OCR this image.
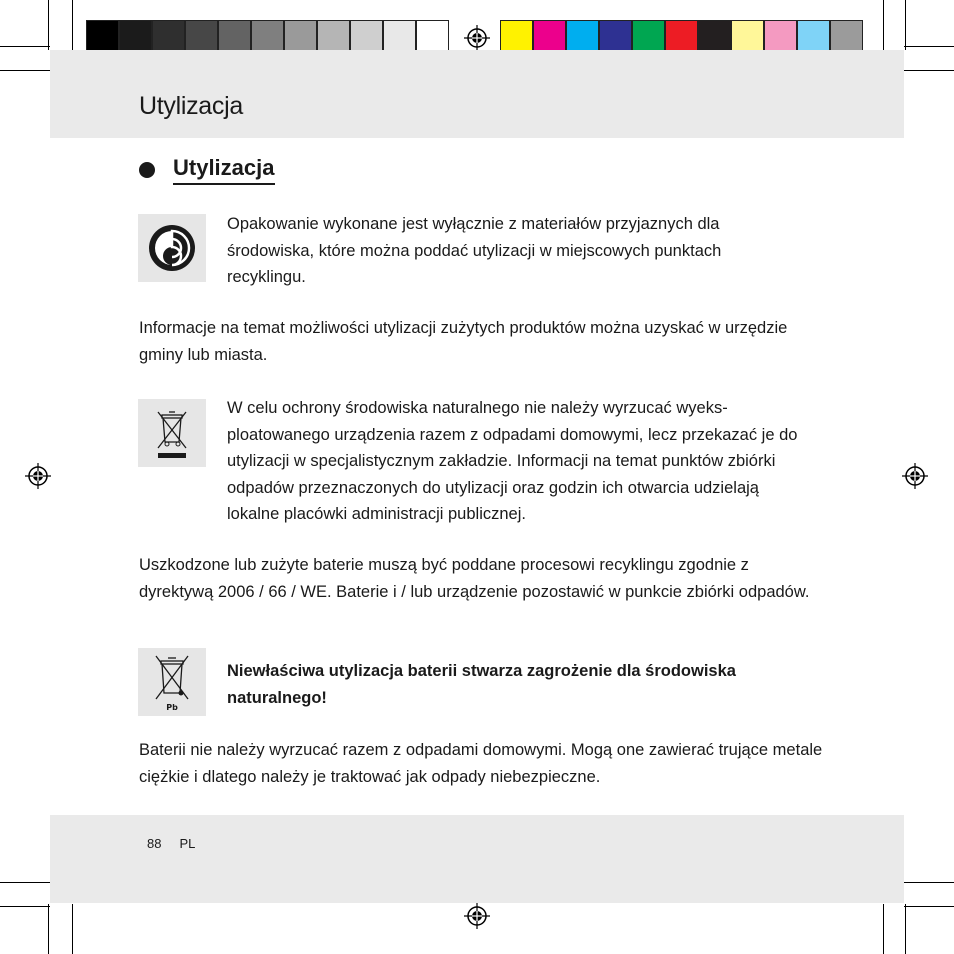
Utylizacja
Utylizacja

Opakowanie wykonane jest wyłącznie z materiałów przyjaznych dla środowiska, które można poddać utylizacji w miejscowych punktach recyklingu.

Informacje na temat możliwości utylizacji zużytych produktów można uzyskać w urzędzie gminy lub miasta.

W celu ochrony środowiska naturalnego nie należy wyrzucać wyeksploatowanego urządzenia razem z odpadami domowymi, lecz przekazać je do utylizacji w specjalistycznym zakładzie. Informacji na temat punktów zbiórki odpadów przeznaczonych do utylizacji oraz godzin ich otwarcia udzielają lokalne placówki administracji publicznej.

Uszkodzone lub zużyte baterie muszą być poddane procesowi recyklingu zgodnie z dyrektywą 2006 / 66 / WE. Baterie i / lub urządzenie pozostawić w punkcie zbiórki odpadów.

Pb

Niewłaściwa utylizacja baterii stwarza zagrożenie dla środowiska naturalnego!

Baterii nie należy wyrzucać razem z odpadami domowymi. Mogą one zawierać trujące metale ciężkie i dlatego należy je traktować jak odpady niebezpieczne.

88 PL
